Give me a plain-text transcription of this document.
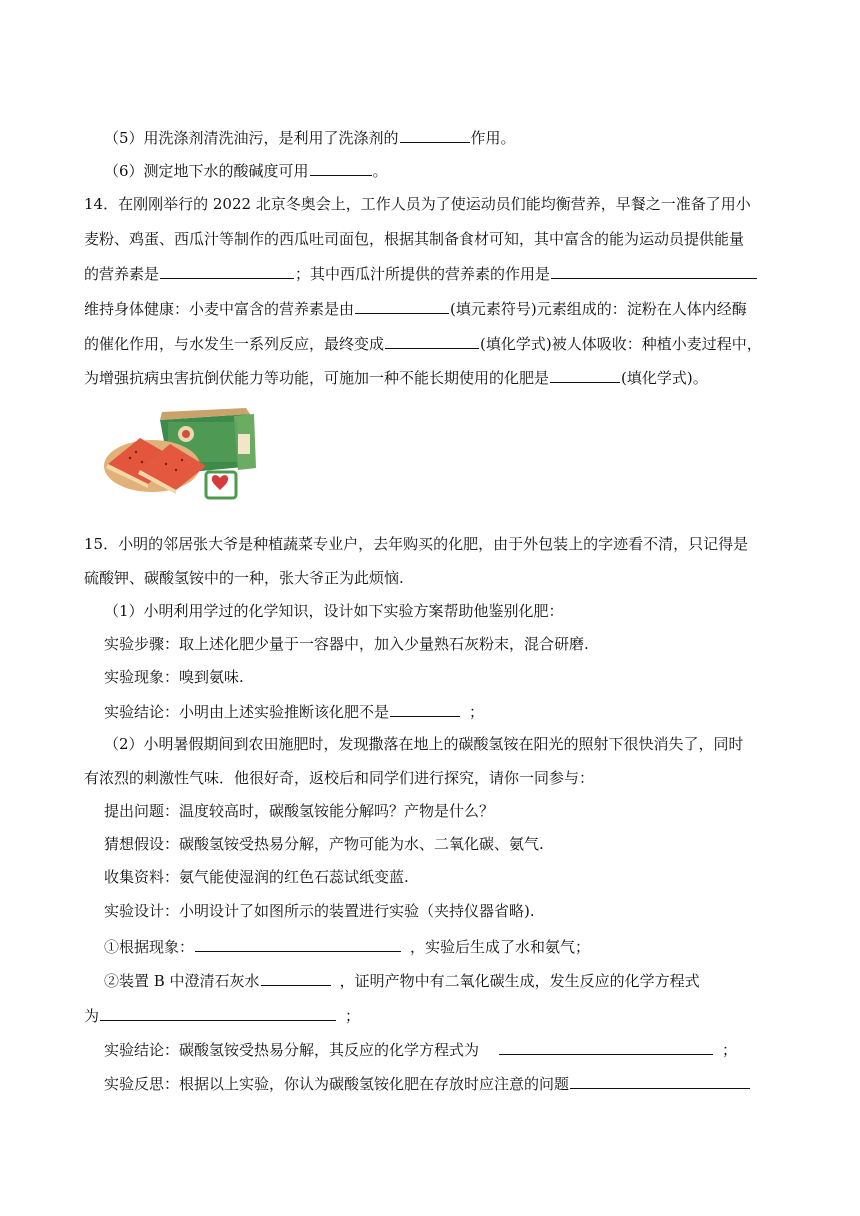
（5）用洗涤剂清洗油污，是利用了洗涤剂的	作用。
（6）测定地下水的酸碱度可用	。
14．在刚刚举行的 2022 北京冬奥会上，工作人员为了使运动员们能均衡营养，早餐之一准备了用小
麦粉、鸡蛋、西瓜汁等制作的西瓜吐司面包，根据其制备食材可知，其中富含的能为运动员提供能量
的营养素是	；其中西瓜汁所提供的营养素的作用是
维持身体健康：小麦中富含的营养素是由	(填元素符号)元素组成的：淀粉在人体内经酶
的催化作用，与水发生一系列反应，最终变成	(填化学式)被人体吸收：种植小麦过程中，
为增强抗病虫害抗倒伏能力等功能，可施加一种不能长期使用的化肥是	(填化学式)。
15．小明的邻居张大爷是种植蔬菜专业户，去年购买的化肥，由于外包装上的字迹看不清，只记得是
硫酸钾、碳酸氢铵中的一种，张大爷正为此烦恼.
（1）小明利用学过的化学知识，设计如下实验方案帮助他鉴别化肥：
实验步骤：取上述化肥少量于一容器中，加入少量熟石灰粉末，混合研磨.
实验现象：嗅到氨味.
实验结论：小明由上述实验推断该化肥不是	；
（2）小明暑假期间到农田施肥时，发现撒落在地上的碳酸氢铵在阳光的照射下很快消失了，同时
有浓烈的刺激性气味．他很好奇，返校后和同学们进行探究，请你一同参与：
提出问题：温度较高时，碳酸氢铵能分解吗？产物是什么？
猜想假设：碳酸氢铵受热易分解，产物可能为水、二氧化碳、氨气.
收集资料：氨气能使湿润的红色石蕊试纸变蓝.
实验设计：小明设计了如图所示的装置进行实验（夹持仪器省略).
①根据现象：	，实验后生成了水和氨气；
②装置 B 中澄清石灰水	，证明产物中有二氧化碳生成，发生反应的化学方程式
为	；
实验结论：碳酸氢铵受热易分解，其反应的化学方程式为	；
实验反思：根据以上实验，你认为碳酸氢铵化肥在存放时应注意的问题
